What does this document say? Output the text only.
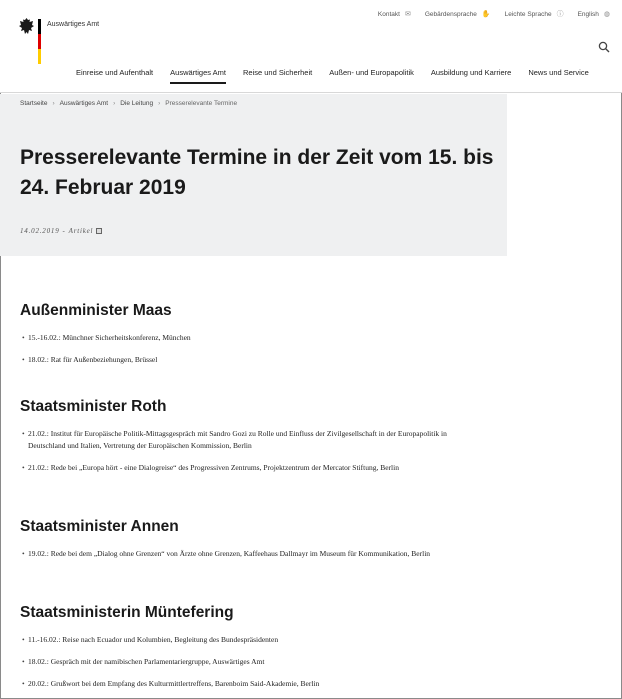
Auswärtiges Amt
Kontakt ✉ Gebärdensprache ✋ Leichte Sprache ⓘ English ◍
Einreise und Aufenthalt Auswärtiges Amt Reise und Sicherheit Außen- und Europapolitik Ausbildung und Karriere News und Service
Startseite › Auswärtiges Amt › Die Leitung › Presserelevante Termine
Presserelevante Termine in der Zeit vom 15. bis 24. Februar 2019
14.02.2019 - Artikel
Außenminister Maas
• 15.-16.02.: Münchner Sicherheitskonferenz, München
• 18.02.: Rat für Außenbeziehungen, Brüssel
Staatsminister Roth
• 21.02.: Institut für Europäische Politik-Mittagsgespräch mit Sandro Gozi zu Rolle und Einfluss der Zivilgesellschaft in der Europapolitik in Deutschland und Italien, Vertretung der Europäischen Kommission, Berlin
• 21.02.: Rede bei „Europa hört - eine Dialogreise“ des Progressiven Zentrums, Projektzentrum der Mercator Stiftung, Berlin
Staatsminister Annen
• 19.02.: Rede bei dem „Dialog ohne Grenzen“ von Ärzte ohne Grenzen, Kaffeehaus Dallmayr im Museum für Kommunikation, Berlin
Staatsministerin Müntefering
• 11.-16.02.: Reise nach Ecuador und Kolumbien, Begleitung des Bundespräsidenten
• 18.02.: Gespräch mit der namibischen Parlamentariergruppe, Auswärtiges Amt
• 20.02.: Grußwort bei dem Empfang des Kulturmittlertreffens, Barenboim Said-Akademie, Berlin
